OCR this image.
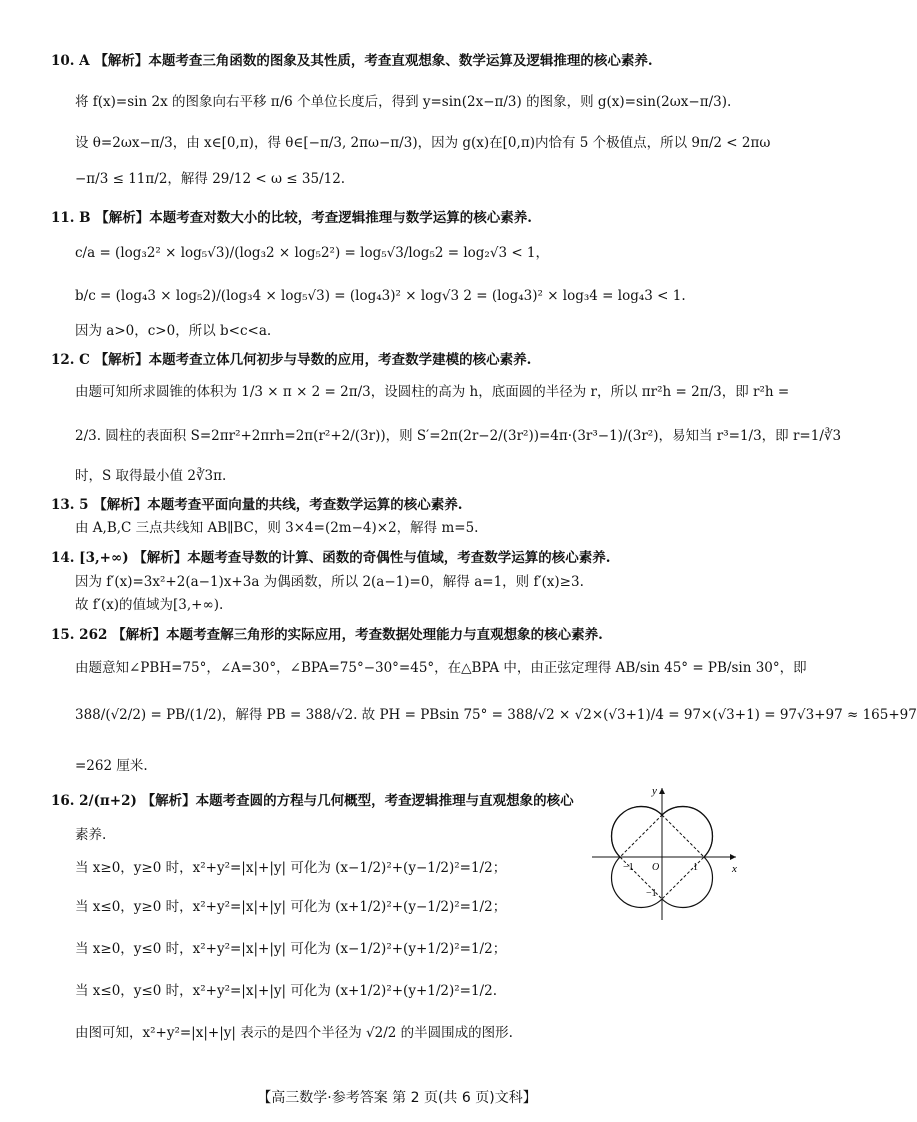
10. A 【解析】本题考查三角函数的图象及其性质，考查直观想象、数学运算及逻辑推理的核心素养.
将 f(x)=sin 2x 的图象向右平移 π/6 个单位长度后，得到 y=sin(2x−π/3) 的图象，则 g(x)=sin(2ωx−π/3).
设 θ=2ωx−π/3，由 x∈[0,π)，得 θ∈[−π/3, 2πω−π/3)，因为 g(x)在[0,π)内恰有 5 个极值点，所以 9π/2 < 2πω
−π/3 ≤ 11π/2，解得 29/12 < ω ≤ 35/12.
11. B 【解析】本题考查对数大小的比较，考查逻辑推理与数学运算的核心素养.
c/a = (log₃2² × log₅√3)/(log₃2 × log₅2²) = log₅√3/log₅2 = log₂√3 < 1，
b/c = (log₄3 × log₅2)/(log₃4 × log₅√3) = (log₄3)² × log√3 2 = (log₄3)² × log₃4 = log₄3 < 1.
因为 a>0，c>0，所以 b<c<a.
12. C 【解析】本题考查立体几何初步与导数的应用，考查数学建模的核心素养.
由题可知所求圆锥的体积为 1/3 × π × 2 = 2π/3，设圆柱的高为 h，底面圆的半径为 r，所以 πr²h = 2π/3，即 r²h =
2/3. 圆柱的表面积 S=2πr²+2πrh=2π(r²+2/(3r))，则 S′=2π(2r−2/(3r²))=4π·(3r³−1)/(3r²)，易知当 r³=1/3，即 r=1/∛3
时，S 取得最小值 2∛3π.
13. 5 【解析】本题考查平面向量的共线，考查数学运算的核心素养.
由 A,B,C 三点共线知 AB∥BC，则 3×4=(2m−4)×2，解得 m=5.
14. [3,+∞) 【解析】本题考查导数的计算、函数的奇偶性与值域，考查数学运算的核心素养.
因为 f′(x)=3x²+2(a−1)x+3a 为偶函数，所以 2(a−1)=0，解得 a=1，则 f′(x)≥3.
故 f′(x)的值域为[3,+∞).
15. 262 【解析】本题考查解三角形的实际应用，考查数据处理能力与直观想象的核心素养.
由题意知∠PBH=75°，∠A=30°，∠BPA=75°−30°=45°，在△BPA 中，由正弦定理得 AB/sin 45° = PB/sin 30°，即
388/(√2/2) = PB/(1/2)，解得 PB = 388/√2. 故 PH = PBsin 75° = 388/√2 × √2×(√3+1)/4 = 97×(√3+1) = 97√3+97 ≈ 165+97
=262 厘米.
16. 2/(π+2) 【解析】本题考查圆的方程与几何概型，考查逻辑推理与直观想象的核心
素养.
当 x≥0，y≥0 时，x²+y²=|x|+|y| 可化为 (x−1/2)²+(y−1/2)²=1/2；
当 x≤0，y≥0 时，x²+y²=|x|+|y| 可化为 (x+1/2)²+(y−1/2)²=1/2；
当 x≥0，y≤0 时，x²+y²=|x|+|y| 可化为 (x−1/2)²+(y+1/2)²=1/2；
当 x≤0，y≤0 时，x²+y²=|x|+|y| 可化为 (x+1/2)²+(y+1/2)²=1/2.
由图可知，x²+y²=|x|+|y| 表示的是四个半径为 √2/2 的半圆围成的图形.
y
x
O	1
−1
−1
【高三数学·参考答案 第 2 页(共 6 页)文科】
